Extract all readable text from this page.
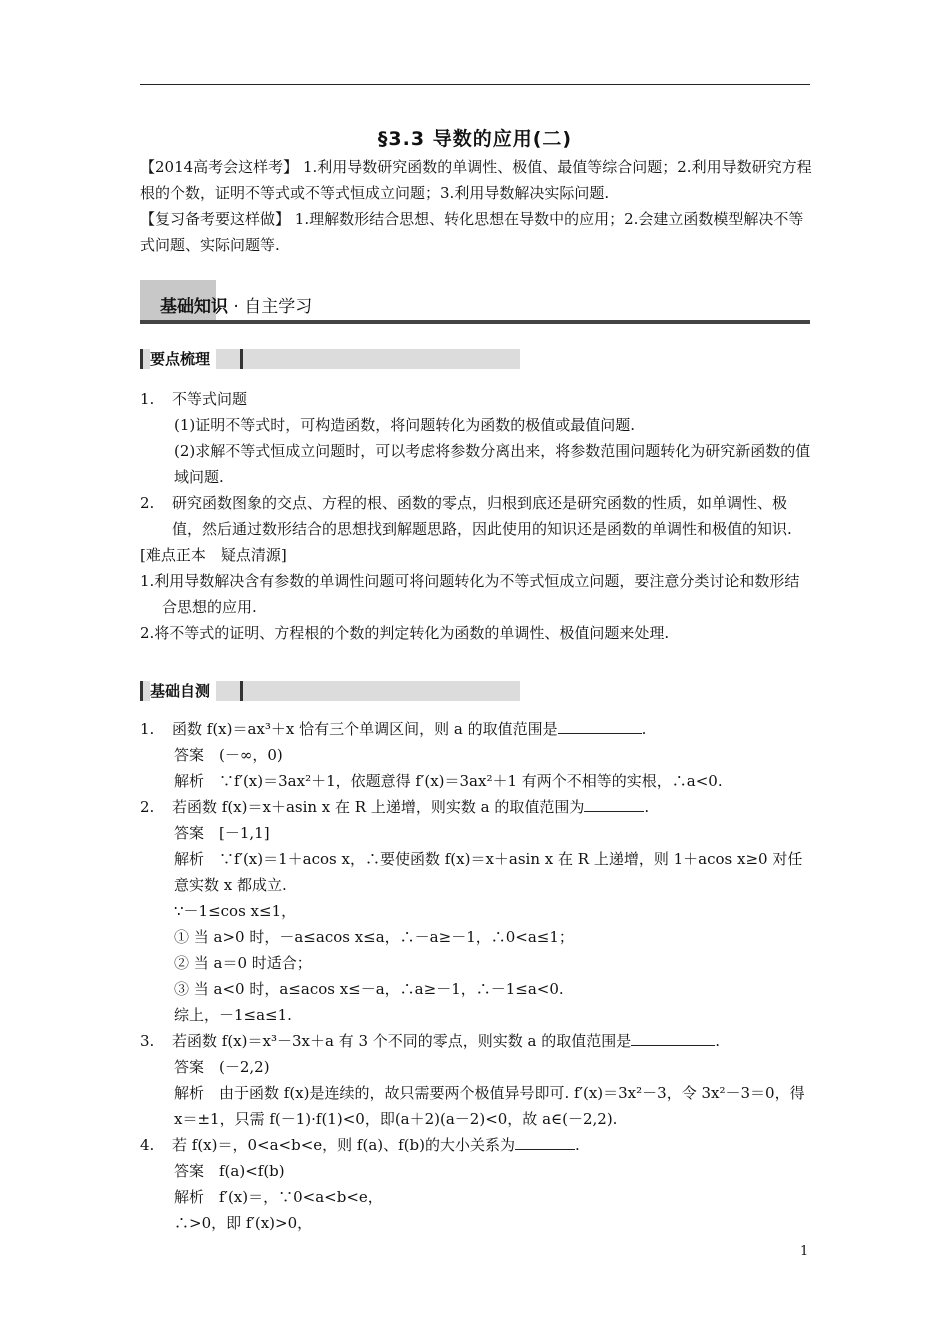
§3.3 导数的应用(二)

【2014高考会这样考】 1.利用导数研究函数的单调性、极值、最值等综合问题；2.利用导数研究方程根的个数，证明不等式或不等式恒成立问题；3.利用导数解决实际问题.

【复习备考要这样做】 1.理解数形结合思想、转化思想在导数中的应用；2.会建立函数模型解决不等式问题、实际问题等.

基础知识 · 自主学习
要点梳理
1. 不等式问题
(1)证明不等式时，可构造函数，将问题转化为函数的极值或最值问题.
(2)求解不等式恒成立问题时，可以考虑将参数分离出来，将参数范围问题转化为研究新函数的值域问题.
2. 研究函数图象的交点、方程的根、函数的零点，归根到底还是研究函数的性质，如单调性、极值，然后通过数形结合的思想找到解题思路，因此使用的知识还是函数的单调性和极值的知识.
[难点正本　疑点清源]
1.利用导数解决含有参数的单调性问题可将问题转化为不等式恒成立问题，要注意分类讨论和数形结合思想的应用.
2.将不等式的证明、方程根的个数的判定转化为函数的单调性、极值问题来处理.
基础自测
1. 函数 f(x)＝ax³＋x 恰有三个单调区间，则 a 的取值范围是	.
答案　(－∞，0)
解析　∵f′(x)＝3ax²＋1，依题意得 f′(x)＝3ax²＋1 有两个不相等的实根，∴a<0.
2. 若函数 f(x)＝x＋asin x 在 R 上递增，则实数 a 的取值范围为	.
答案　[－1,1]
解析　∵f′(x)＝1＋acos x，∴要使函数 f(x)＝x＋asin x 在 R 上递增，则 1＋acos x≥0 对任意实数 x 都成立.
∵－1≤cos x≤1，
① 当 a>0 时，－a≤acos x≤a，∴－a≥－1，∴0<a≤1；
② 当 a＝0 时适合；
③ 当 a<0 时，a≤acos x≤－a，∴a≥－1，∴－1≤a<0.
综上，－1≤a≤1.
3. 若函数 f(x)＝x³－3x＋a 有 3 个不同的零点，则实数 a 的取值范围是	.
答案　(－2,2)
解析　由于函数 f(x)是连续的，故只需要两个极值异号即可. f′(x)＝3x²－3，令 3x²－3＝0，得 x＝±1，只需 f(－1)·f(1)<0，即(a＋2)(a－2)<0，故 a∈(－2,2).
4. 若 f(x)＝，0<a<b<e，则 f(a)、f(b)的大小关系为	.
答案　f(a)<f(b)
解析　f′(x)＝，∵0<a<b<e，
∴>0，即 f′(x)>0，
1
